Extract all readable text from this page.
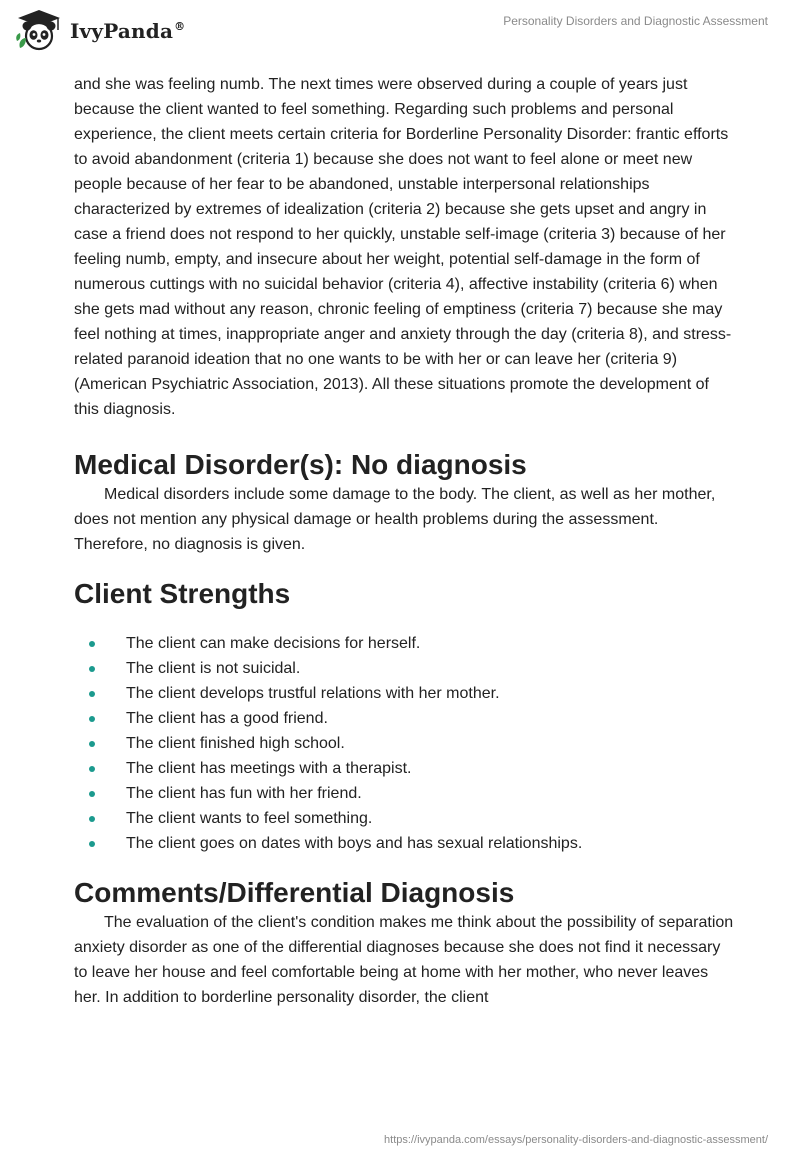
IvyPanda®	Personality Disorders and Diagnostic Assessment

and she was feeling numb. The next times were observed during a couple of years just because the client wanted to feel something. Regarding such problems and personal experience, the client meets certain criteria for Borderline Personality Disorder: frantic efforts to avoid abandonment (criteria 1) because she does not want to feel alone or meet new people because of her fear to be abandoned, unstable interpersonal relationships characterized by extremes of idealization (criteria 2) because she gets upset and angry in case a friend does not respond to her quickly, unstable self-image (criteria 3) because of her feeling numb, empty, and insecure about her weight, potential self-damage in the form of numerous cuttings with no suicidal behavior (criteria 4), affective instability (criteria 6) when she gets mad without any reason, chronic feeling of emptiness (criteria 7) because she may feel nothing at times, inappropriate anger and anxiety through the day (criteria 8), and stress-related paranoid ideation that no one wants to be with her or can leave her (criteria 9) (American Psychiatric Association, 2013). All these situations promote the development of this diagnosis.

Medical Disorder(s): No diagnosis

Medical disorders include some damage to the body. The client, as well as her mother, does not mention any physical damage or health problems during the assessment. Therefore, no diagnosis is given.

Client Strengths
The client can make decisions for herself.
The client is not suicidal.
The client develops trustful relations with her mother.
The client has a good friend.
The client finished high school.
The client has meetings with a therapist.
The client has fun with her friend.
The client wants to feel something.
The client goes on dates with boys and has sexual relationships.
Comments/Differential Diagnosis

The evaluation of the client's condition makes me think about the possibility of separation anxiety disorder as one of the differential diagnoses because she does not find it necessary to leave her house and feel comfortable being at home with her mother, who never leaves her. In addition to borderline personality disorder, the client

https://ivypanda.com/essays/personality-disorders-and-diagnostic-assessment/
